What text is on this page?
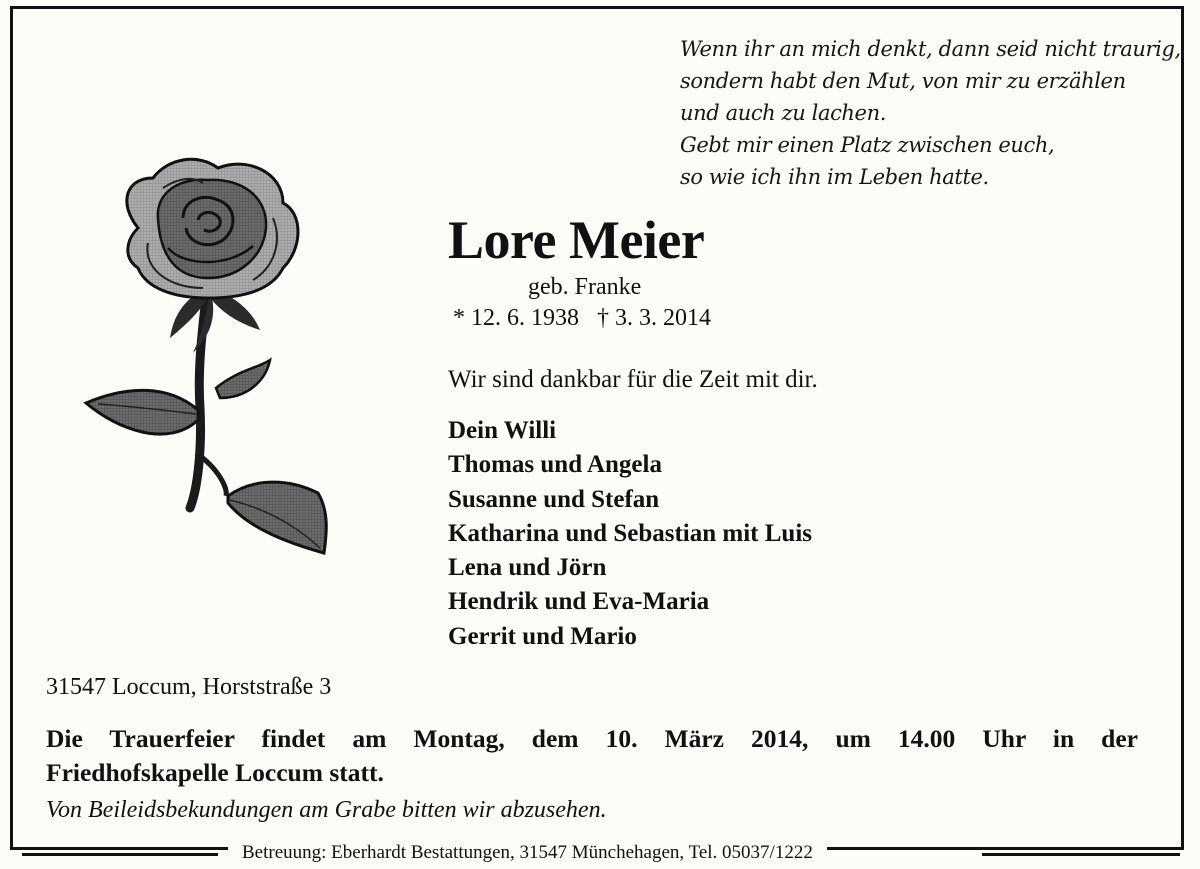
Wenn ihr an mich denkt, dann seid nicht traurig,
sondern habt den Mut, von mir zu erzählen
und auch zu lachen.
Gebt mir einen Platz zwischen euch,
so wie ich ihn im Leben hatte.
Lore Meier
geb. Franke
* 12. 6. 1938 † 3. 3. 2014
Wir sind dankbar für die Zeit mit dir.
Dein Willi
Thomas und Angela
Susanne und Stefan
Katharina und Sebastian mit Luis
Lena und Jörn
Hendrik und Eva-Maria
Gerrit und Mario
31547 Loccum, Horststraße 3
Die Trauerfeier findet am Montag, dem 10. März 2014, um 14.00 Uhr in der
Friedhofskapelle Loccum statt.
Von Beileidsbekundungen am Grabe bitten wir abzusehen.
Betreuung: Eberhardt Bestattungen, 31547 Münchehagen, Tel. 05037/1222
